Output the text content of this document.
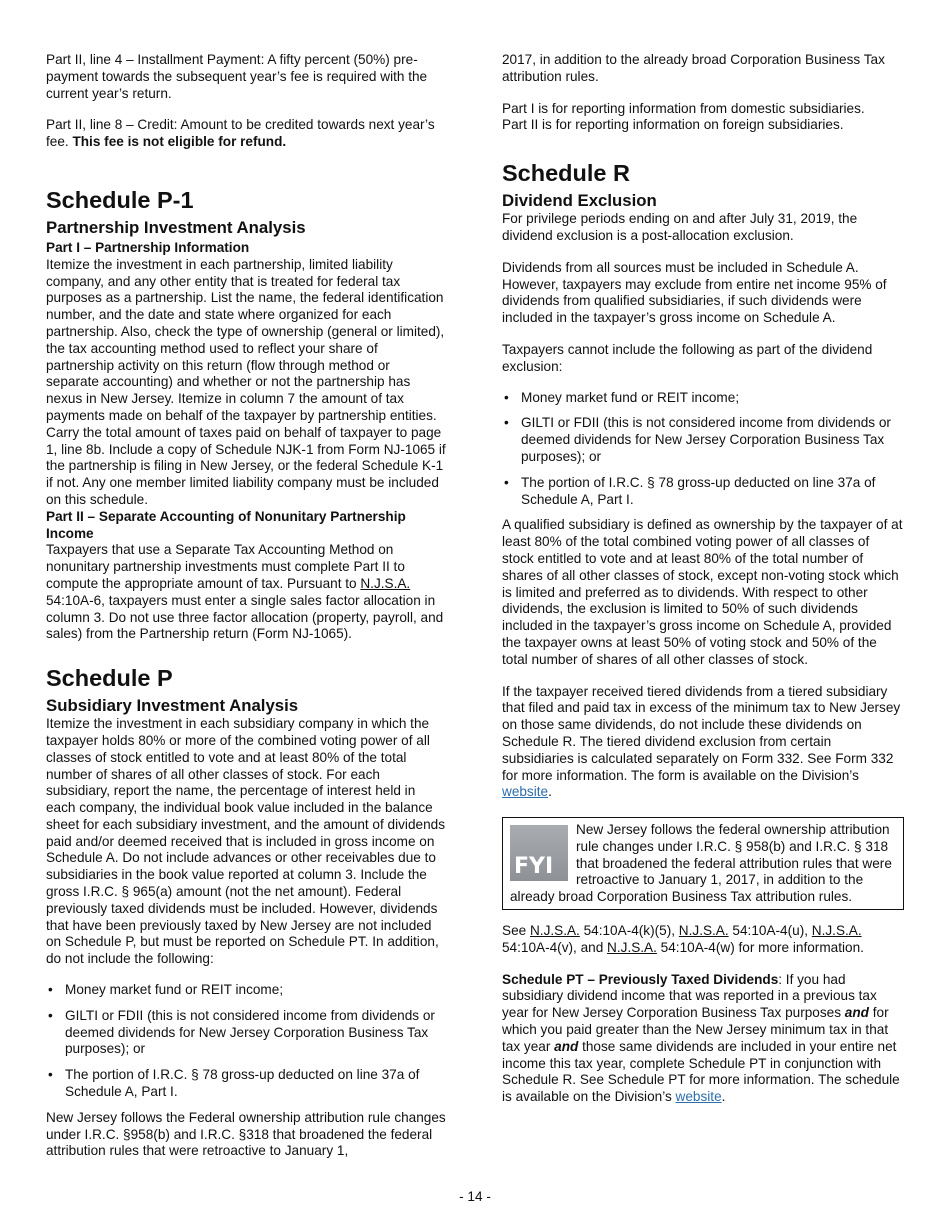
Part II, line 4 – Installment Payment: A fifty percent (50%) pre-payment towards the subsequent year’s fee is required with the current year’s return.

Part II, line 8 – Credit: Amount to be credited towards next year’s fee. This fee is not eligible for refund.

Schedule P-1
Partnership Investment Analysis
Part I – Partnership Information

Itemize the investment in each partnership, limited liability company, and any other entity that is treated for federal tax purposes as a partnership. List the name, the federal identification number, and the date and state where organized for each partnership. Also, check the type of ownership (general or limited), the tax accounting method used to reflect your share of partnership activity on this return (flow through method or separate accounting) and whether or not the partnership has nexus in New Jersey. Itemize in column 7 the amount of tax payments made on behalf of the taxpayer by partnership entities. Carry the total amount of taxes paid on behalf of taxpayer to page 1, line 8b. Include a copy of Schedule NJK-1 from Form NJ-1065 if the partnership is filing in New Jersey, or the federal Schedule K-1 if not. Any one member limited liability company must be included on this schedule.

Part II – Separate Accounting of Nonunitary Partnership Income

Taxpayers that use a Separate Tax Accounting Method on nonunitary partnership investments must complete Part II to compute the appropriate amount of tax. Pursuant to N.J.S.A. 54:10A-6, taxpayers must enter a single sales factor allocation in column 3. Do not use three factor allocation (property, payroll, and sales) from the Partnership return (Form NJ-1065).

Schedule P
Subsidiary Investment Analysis

Itemize the investment in each subsidiary company in which the taxpayer holds 80% or more of the combined voting power of all classes of stock entitled to vote and at least 80% of the total number of shares of all other classes of stock. For each subsidiary, report the name, the percentage of interest held in each company, the individual book value included in the balance sheet for each subsidiary investment, and the amount of dividends paid and/or deemed received that is included in gross income on Schedule A. Do not include advances or other receivables due to subsidiaries in the book value reported at column 3. Include the gross I.R.C. § 965(a) amount (not the net amount). Federal previously taxed dividends must be included. However, dividends that have been previously taxed by New Jersey are not included on Schedule P, but must be reported on Schedule PT. In addition, do not include the following:

• Money market fund or REIT income;
• GILTI or FDII (this is not considered income from dividends or deemed dividends for New Jersey Corporation Business Tax purposes); or
• The portion of I.R.C. § 78 gross-up deducted on line 37a of Schedule A, Part I.

New Jersey follows the Federal ownership attribution rule changes under I.R.C. §958(b) and I.R.C. §318 that broadened the federal attribution rules that were retroactive to January 1,

2017, in addition to the already broad Corporation Business Tax attribution rules.

Part I is for reporting information from domestic subsidiaries.
Part II is for reporting information on foreign subsidiaries.

Schedule R
Dividend Exclusion

For privilege periods ending on and after July 31, 2019, the dividend exclusion is a post-allocation exclusion.

Dividends from all sources must be included in Schedule A. However, taxpayers may exclude from entire net income 95% of dividends from qualified subsidiaries, if such dividends were included in the taxpayer’s gross income on Schedule A.

Taxpayers cannot include the following as part of the dividend exclusion:

• Money market fund or REIT income;
• GILTI or FDII (this is not considered income from dividends or deemed dividends for New Jersey Corporation Business Tax purposes); or
• The portion of I.R.C. § 78 gross-up deducted on line 37a of Schedule A, Part I.

A qualified subsidiary is defined as ownership by the taxpayer of at least 80% of the total combined voting power of all classes of stock entitled to vote and at least 80% of the total number of shares of all other classes of stock, except non-voting stock which is limited and preferred as to dividends. With respect to other dividends, the exclusion is limited to 50% of such dividends included in the taxpayer’s gross income on Schedule A, provided the taxpayer owns at least 50% of voting stock and 50% of the total number of shares of all other classes of stock.

If the taxpayer received tiered dividends from a tiered subsidiary that filed and paid tax in excess of the minimum tax to New Jersey on those same dividends, do not include these dividends on Schedule R. The tiered dividend exclusion from certain subsidiaries is calculated separately on Form 332. See Form 332 for more information. The form is available on the Division’s website.

FYI

New Jersey follows the federal ownership attribution rule changes under I.R.C. § 958(b) and I.R.C. § 318 that broadened the federal attribution rules that were retroactive to January 1, 2017, in addition to the already broad Corporation Business Tax attribution rules.

See N.J.S.A. 54:10A-4(k)(5), N.J.S.A. 54:10A-4(u), N.J.S.A. 54:10A-4(v), and N.J.S.A. 54:10A-4(w) for more information.

Schedule PT – Previously Taxed Dividends: If you had subsidiary dividend income that was reported in a previous tax year for New Jersey Corporation Business Tax purposes and for which you paid greater than the New Jersey minimum tax in that tax year and those same dividends are included in your entire net income this tax year, complete Schedule PT in conjunction with Schedule R. See Schedule PT for more information. The schedule is available on the Division’s website.

- 14 -
